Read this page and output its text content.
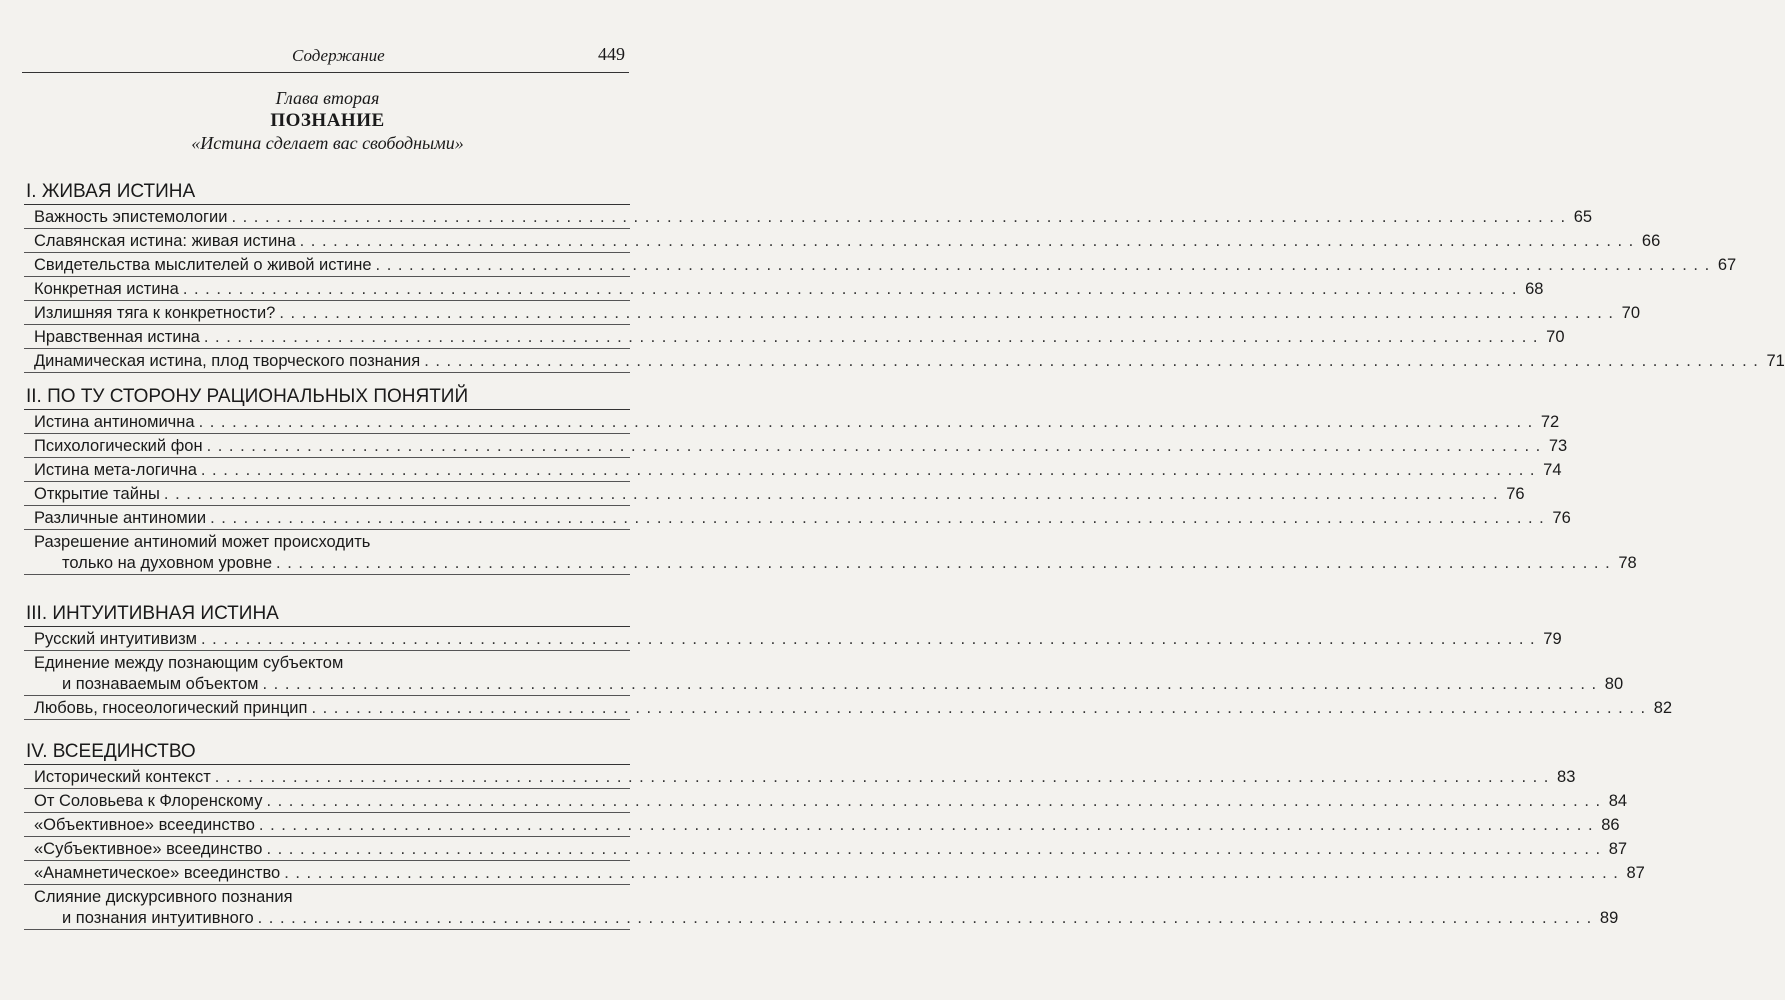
Содержание	449
Глава вторая
ПОЗНАНИЕ
«Истина сделает вас свободными»
I. ЖИВАЯ ИСТИНА
Важность эпистемологии . . . . . . . . . . . . . . . . . . . . . . . . . . . . . . . . . . . . . . . . . . . . . . . . . . . . . . . . . . . . . . . . . . . . . . . . . . . . . . . . . . . . . . . . . . . . . . . . . . . . . . . . . . . . . . . . . . . . . . . . 65
Славянская истина: живая истина . . . . . . . . . . . . . . . . . . . . . . . . . . . . . . . . . . . . . . . . . . . . . . . . . . . . . . . . . . . . . . . . . . . . . . . . . . . . . . . . . . . . . . . . . . . . . . . . . . . . . . . . . . . . . . . . . . . . . . . . 66
Свидетельства мыслителей о живой истине . . . . . . . . . . . . . . . . . . . . . . . . . . . . . . . . . . . . . . . . . . . . . . . . . . . . . . . . . . . . . . . . . . . . . . . . . . . . . . . . . . . . . . . . . . . . . . . . . . . . . . . . . . . . . . . . . . . . . . . . 67
Конкретная истина . . . . . . . . . . . . . . . . . . . . . . . . . . . . . . . . . . . . . . . . . . . . . . . . . . . . . . . . . . . . . . . . . . . . . . . . . . . . . . . . . . . . . . . . . . . . . . . . . . . . . . . . . . . . . . . . . . . . . . . . 68
Излишняя тяга к конкретности? . . . . . . . . . . . . . . . . . . . . . . . . . . . . . . . . . . . . . . . . . . . . . . . . . . . . . . . . . . . . . . . . . . . . . . . . . . . . . . . . . . . . . . . . . . . . . . . . . . . . . . . . . . . . . . . . . . . . . . . . 70
Нравственная истина . . . . . . . . . . . . . . . . . . . . . . . . . . . . . . . . . . . . . . . . . . . . . . . . . . . . . . . . . . . . . . . . . . . . . . . . . . . . . . . . . . . . . . . . . . . . . . . . . . . . . . . . . . . . . . . . . . . . . . . . 70
Динамическая истина, плод творческого познания . . . . . . . . . . . . . . . . . . . . . . . . . . . . . . . . . . . . . . . . . . . . . . . . . . . . . . . . . . . . . . . . . . . . . . . . . . . . . . . . . . . . . . . . . . . . . . . . . . . . . . . . . . . . . . . . . . . . . . . . 71
II. ПО ТУ СТОРОНУ РАЦИОНАЛЬНЫХ ПОНЯТИЙ
Истина антиномична . . . . . . . . . . . . . . . . . . . . . . . . . . . . . . . . . . . . . . . . . . . . . . . . . . . . . . . . . . . . . . . . . . . . . . . . . . . . . . . . . . . . . . . . . . . . . . . . . . . . . . . . . . . . . . . . . . . . . . . . 72
Психологический фон . . . . . . . . . . . . . . . . . . . . . . . . . . . . . . . . . . . . . . . . . . . . . . . . . . . . . . . . . . . . . . . . . . . . . . . . . . . . . . . . . . . . . . . . . . . . . . . . . . . . . . . . . . . . . . . . . . . . . . . . 73
Истина мета-логична . . . . . . . . . . . . . . . . . . . . . . . . . . . . . . . . . . . . . . . . . . . . . . . . . . . . . . . . . . . . . . . . . . . . . . . . . . . . . . . . . . . . . . . . . . . . . . . . . . . . . . . . . . . . . . . . . . . . . . . . 74
Открытие тайны . . . . . . . . . . . . . . . . . . . . . . . . . . . . . . . . . . . . . . . . . . . . . . . . . . . . . . . . . . . . . . . . . . . . . . . . . . . . . . . . . . . . . . . . . . . . . . . . . . . . . . . . . . . . . . . . . . . . . . . . 76
Различные антиномии . . . . . . . . . . . . . . . . . . . . . . . . . . . . . . . . . . . . . . . . . . . . . . . . . . . . . . . . . . . . . . . . . . . . . . . . . . . . . . . . . . . . . . . . . . . . . . . . . . . . . . . . . . . . . . . . . . . . . . . . 76
Разрешение антиномий может происходить
только на духовном уровне . . . . . . . . . . . . . . . . . . . . . . . . . . . . . . . . . . . . . . . . . . . . . . . . . . . . . . . . . . . . . . . . . . . . . . . . . . . . . . . . . . . . . . . . . . . . . . . . . . . . . . . . . . . . . . . . . . . . . . . . 78
III. ИНТУИТИВНАЯ ИСТИНА
Русский интуитивизм . . . . . . . . . . . . . . . . . . . . . . . . . . . . . . . . . . . . . . . . . . . . . . . . . . . . . . . . . . . . . . . . . . . . . . . . . . . . . . . . . . . . . . . . . . . . . . . . . . . . . . . . . . . . . . . . . . . . . . . . 79
Единение между познающим субъектом
и познаваемым объектом . . . . . . . . . . . . . . . . . . . . . . . . . . . . . . . . . . . . . . . . . . . . . . . . . . . . . . . . . . . . . . . . . . . . . . . . . . . . . . . . . . . . . . . . . . . . . . . . . . . . . . . . . . . . . . . . . . . . . . . . 80
Любовь, гносеологический принцип . . . . . . . . . . . . . . . . . . . . . . . . . . . . . . . . . . . . . . . . . . . . . . . . . . . . . . . . . . . . . . . . . . . . . . . . . . . . . . . . . . . . . . . . . . . . . . . . . . . . . . . . . . . . . . . . . . . . . . . . 82
IV. ВСЕЕДИНСТВО
Исторический контекст . . . . . . . . . . . . . . . . . . . . . . . . . . . . . . . . . . . . . . . . . . . . . . . . . . . . . . . . . . . . . . . . . . . . . . . . . . . . . . . . . . . . . . . . . . . . . . . . . . . . . . . . . . . . . . . . . . . . . . . . 83
От Соловьева к Флоренскому . . . . . . . . . . . . . . . . . . . . . . . . . . . . . . . . . . . . . . . . . . . . . . . . . . . . . . . . . . . . . . . . . . . . . . . . . . . . . . . . . . . . . . . . . . . . . . . . . . . . . . . . . . . . . . . . . . . . . . . . 84
«Объективное» всеединство . . . . . . . . . . . . . . . . . . . . . . . . . . . . . . . . . . . . . . . . . . . . . . . . . . . . . . . . . . . . . . . . . . . . . . . . . . . . . . . . . . . . . . . . . . . . . . . . . . . . . . . . . . . . . . . . . . . . . . . . 86
«Субъективное» всеединство . . . . . . . . . . . . . . . . . . . . . . . . . . . . . . . . . . . . . . . . . . . . . . . . . . . . . . . . . . . . . . . . . . . . . . . . . . . . . . . . . . . . . . . . . . . . . . . . . . . . . . . . . . . . . . . . . . . . . . . . 87
«Анамнетическое» всеединство . . . . . . . . . . . . . . . . . . . . . . . . . . . . . . . . . . . . . . . . . . . . . . . . . . . . . . . . . . . . . . . . . . . . . . . . . . . . . . . . . . . . . . . . . . . . . . . . . . . . . . . . . . . . . . . . . . . . . . . . 87
Слияние дискурсивного познания
и познания интуитивного . . . . . . . . . . . . . . . . . . . . . . . . . . . . . . . . . . . . . . . . . . . . . . . . . . . . . . . . . . . . . . . . . . . . . . . . . . . . . . . . . . . . . . . . . . . . . . . . . . . . . . . . . . . . . . . . . . . . . . . . 89
